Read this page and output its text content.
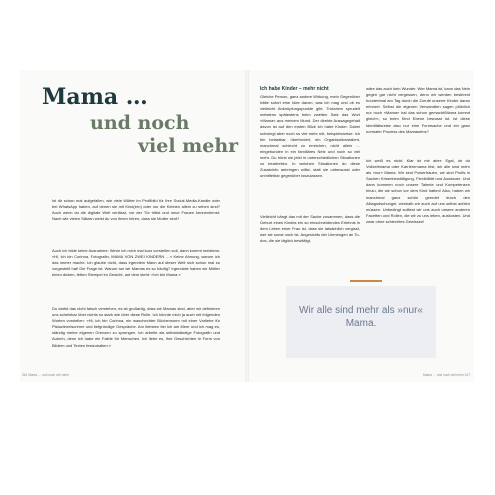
Mama …
und noch
viel mehr

Ist dir schon mal aufgefallen, wie viele Mütter im Profilbild für ihre Social-Media-Kanäle oder bei WhatsApp haben, auf denen sie mit Kind(ern) oder nur die Kleinen allein zu sehen sind? Auch wenn du die digitale Welt verlässt, vor der Tür trittst und neue Frauen kennenlernst: Nach wie vielen Sätzen weist du von ihnen hören, dass sie Mutter sind?

Auch ich bilde keine Ausnahme: Wenn ich mich mal kurz vorstellen soll, dann kommt meistens: »Hi, ich bin Corinna, Fotografin, MAMA VON ZWEI KINDERN …« Keine Ahnung, warum ich das immer mache. Ich glaube nicht, dass irgendein Mann auf dieser Welt sich schon mal so vorgestellt hat! Die Frage ist: Warum tun wir Mamas es so häufig? Irgendwie haben wir Mütter einen dicken, fetten Stempel im Gesicht, auf dem steht: »Ich bin Mama.«

Du darfst das nicht falsch verstehen, es ist großartig, dass wir Mamas sind, aber wir definieren uns scheinbar über nichts so stark wie über diese Rolle. Ich könnte mich ja auch mit folgenden Worten vorstellen: »Hi, ich bin Corinna, ein waschechter Bücherwurm mit einer Vorliebe für Pistazieneiscreme und tiefgründige Gespräche. Am liebsten bin ich am Meer und ich mag es, ständig meine eigenen Grenzen zu sprengen. Ich arbeite als selbstständige Fotografin und Autorin, denn ich habe ein Faible für Menschen. Ich liebe es, ihre Geschichten in Form von Bildern und Texten festzuhalten.«

316 Mama … und noch viel mehr

Ich habe Kinder – mehr nicht

Gleiche Person, ganz andere Wirkung, mein Gegenüber hätte sofort eine Idee davon, was ich mag und ob es vielleicht Anknüpfungspunkte gibt. Trotzdem sprudelt meistens spätestens beim zweiten Satz das Wort »Mama« aus meinem Mund. Der direkte Aussagegehalt davon ist auf den ersten Blick ich habe Kinder. Dabei schwingt aber noch so viel mehr mit, beispielsweise: ich bin belastbar, überfordert, ein Organisationstalent, manchmal schlecht zu erreichen, nicht allein … eingebunden in ein familiäres Netz und noch so viel mehr. Du hörst sie jetzt in unterschiedlichen Situationen zu bearbeiten. In welchen Situationen du diese Zusatzinfo anbringen willst, statt sie unbewusst oder unmittelbar gegenüber loszulassen.

Vielleicht hängt das mit der Sache zusammen, dass die Geburt eines Kindes ein so einschneidendes Erlebnis in dem Leben einer Frau ist, dass sie tatsächlich vergisst, wer sie sonst noch ist. Angesichts der Unmengen an To-dos, die sie täglich bewältigt,

wäre das auch kein Wunder. Wer Mama ist, kann das Nein gegen gar nicht vergessen, denn wir werden bestimmt hundertmal am Tag durch die Zurufe unserer Kinder daran erinnert. Selbst die eigenen Verwandten sagen plötzlich nur noch »Mama« hat das schon gemacht/Mama kommt gleich«, so beim Kind Ebene bewusst ist. Ist diese Identitätsreise also nur eine Formsache und ein ganz normaler Prozess des Mamaseins?

Ich weiß es nicht. Klar ist mir aber: Egal, ob du Vollzeitmama oder Karrieremama bist, wir alle sind mehr als »nur« Mama. Wir sind Powerfrauen, wir sind Profis in Sachen Krisenbewältigung, Flexibilität und Ausdauer. Und dann kommen noch unsere Talente und Kompetenzen hinzu, die wir schon vor dem Kind hatten! Also, haben wir manchmal ganz schön geerdet durch den Alltagsdschungel, weshalb wir auch auf uns selbst achten müssen. Unbedingt solltest wir uns auch unsere anderen Facetten und Rollen, die wir zu uns leben, auskosten. Und zwar ohne schlechtes Gewissen!

Wir alle sind mehr als »nur« Mama.
Mama … und noch viel mehr 317
